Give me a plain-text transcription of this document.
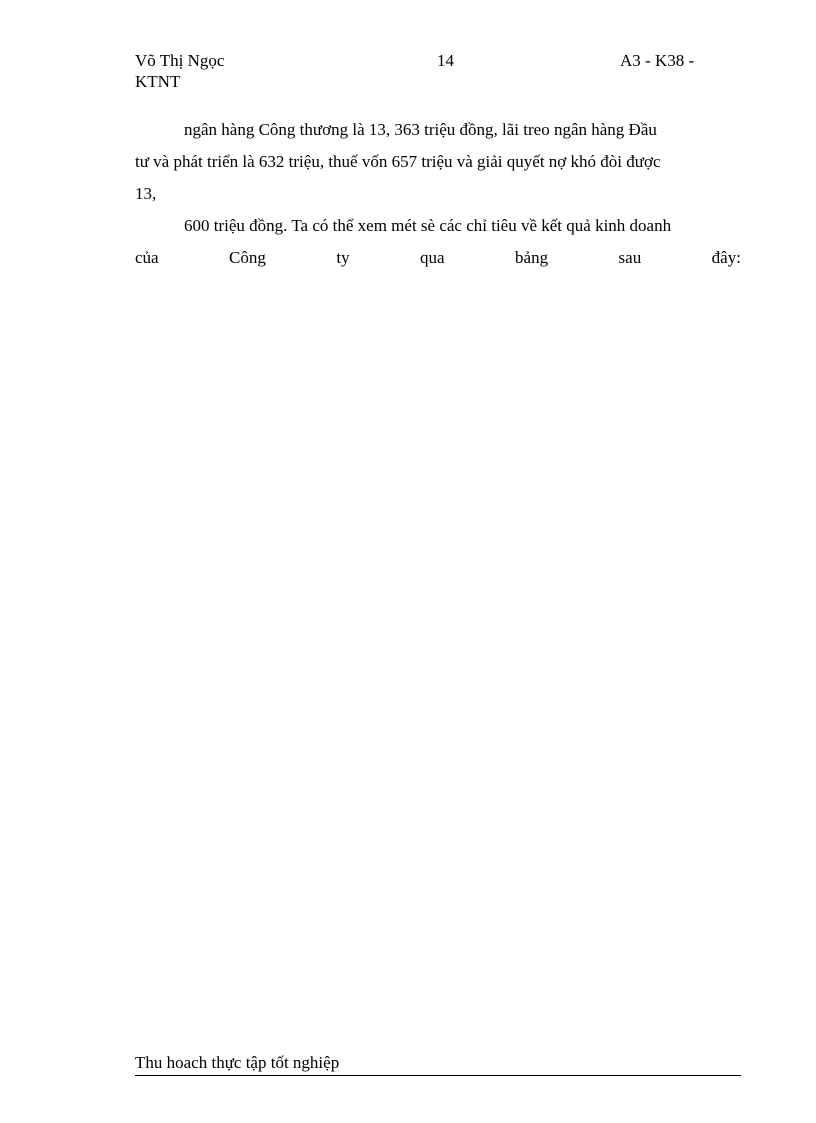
Võ Thị Ngọc KTNT
14	A3 - K38 -

ngân hàng Công thương là 13, 363 triệu đồng, lãi treo ngân hàng Đầu

tư và phát triển là 632 triệu, thuế vốn 657 triệu và giải quyết nợ khó đòi được

13,

600 triệu đồng. Ta có thể xem mét sè các chỉ tiêu về kết quả kinh doanh

của	Công	ty	qua	bảng	sau	đây:

Thu hoach thực tập tốt nghiệp
